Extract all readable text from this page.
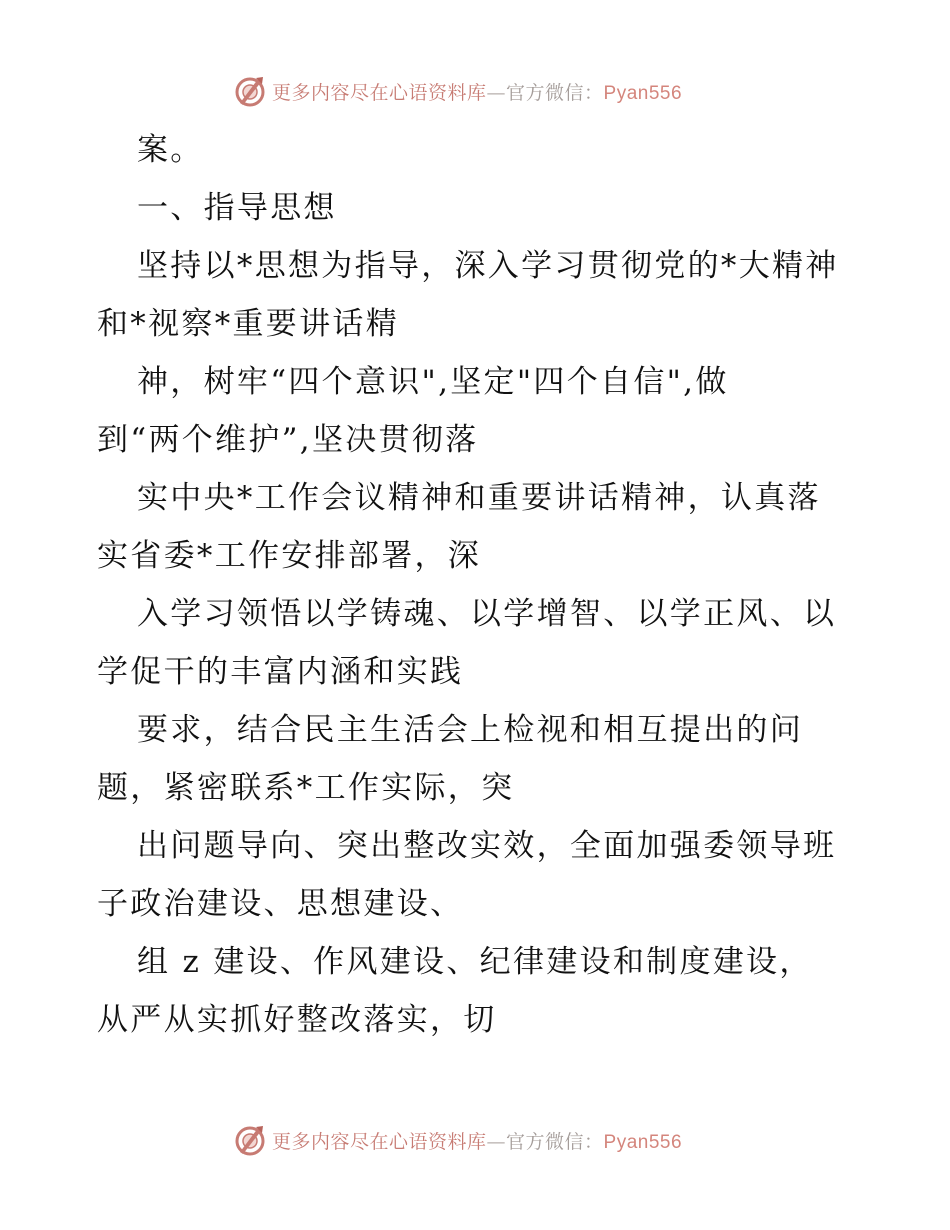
更多内容尽在心语资料库—官方微信：Pyan556
案。
一、指导思想
坚持以*思想为指导，深入学习贯彻党的*大精神
和*视察*重要讲话精
神，树牢“四个意识",坚定"四个自信",做
到“两个维护”,坚决贯彻落
实中央*工作会议精神和重要讲话精神，认真落
实省委*工作安排部署，深
入学习领悟以学铸魂、以学增智、以学正风、以
学促干的丰富内涵和实践
要求，结合民主生活会上检视和相互提出的问
题，紧密联系*工作实际，突
出问题导向、突出整改实效，全面加强委领导班
子政治建设、思想建设、
组 z 建设、作风建设、纪律建设和制度建设，
从严从实抓好整改落实，切
更多内容尽在心语资料库—官方微信：Pyan556
